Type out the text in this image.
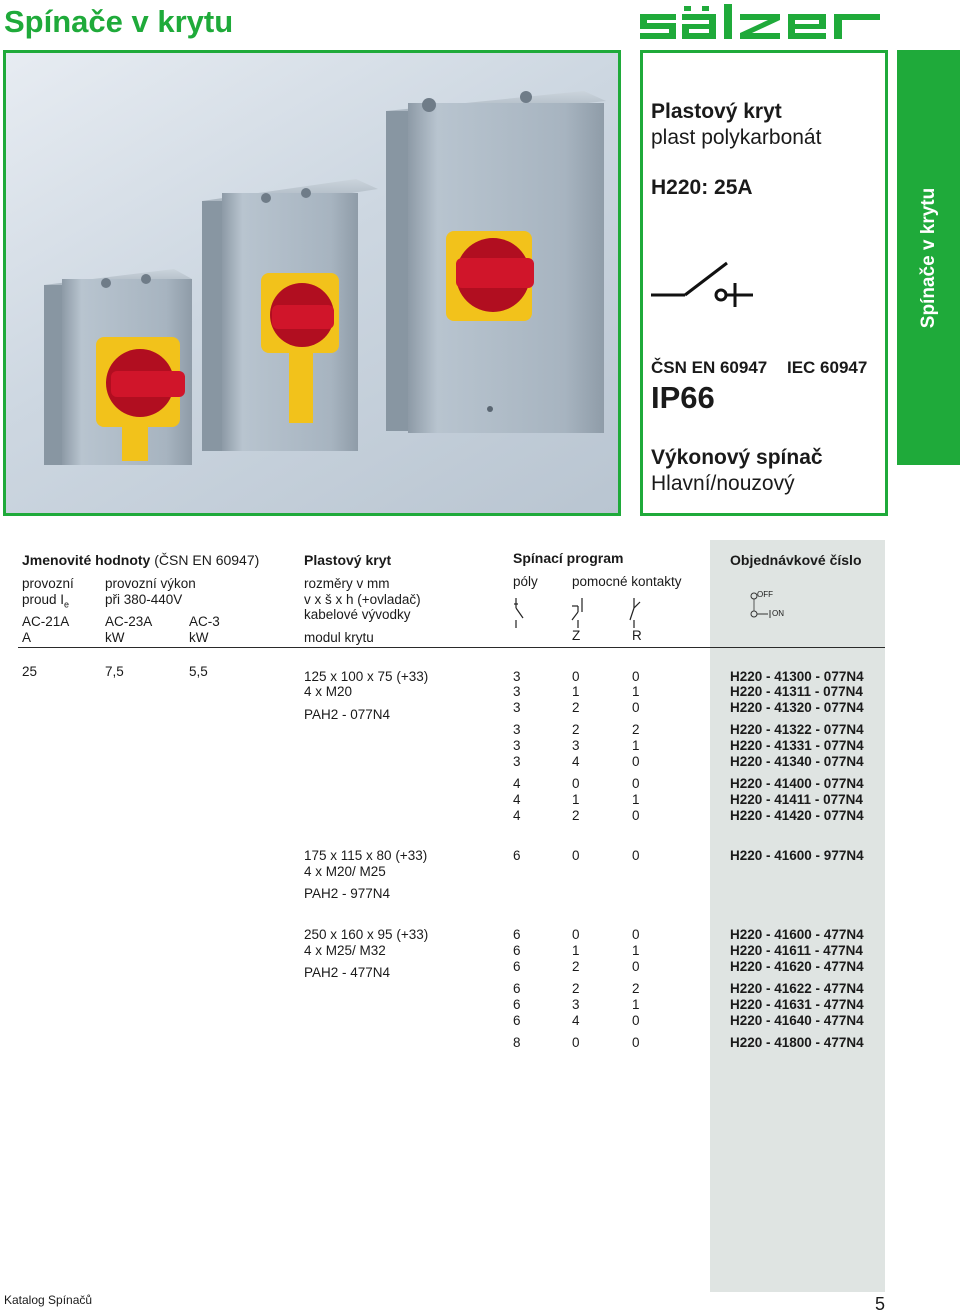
Spínače v krytu
Plastový kryt
plast polykarbonát
H220: 25A
ČSN EN 60947 IEC 60947
IP66
Výkonový spínač
Hlavní/nouzový
Spínače v krytu
Jmenovité hodnoty (ČSN EN 60947)
provozní
proud $I_e$
provozní výkon
při 380-440V
AC-21A	AC-23A	AC-3
A	kW	kW
Plastový kryt
rozměry v mm
v x š x h (+ovladač)
kabelové vývodky
modul krytu
Spínací program
póly	pomocné kontakty
Z	R
Objednávkové číslo
OFF
ON
25	7,5	5,5	125 x 100 x 75 (+33)
4 x M20
PAH2 - 077N4
3	0	0	H220 - 41300 - 077N4
3	1	1	H220 - 41311 - 077N4
3	2	0	H220 - 41320 - 077N4
3	2	2	H220 - 41322 - 077N4
3	3	1	H220 - 41331 - 077N4
3	4	0	H220 - 41340 - 077N4
4	0	0	H220 - 41400 - 077N4
4	1	1	H220 - 41411 - 077N4
4	2	0	H220 - 41420 - 077N4
175 x 115 x 80 (+33)
4 x M20/ M25
PAH2 - 977N4
6	0	0	H220 - 41600 - 977N4
250 x 160 x 95 (+33)
4 x M25/ M32
PAH2 - 477N4
6	0	0	H220 - 41600 - 477N4
6	1	1	H220 - 41611 - 477N4
6	2	0	H220 - 41620 - 477N4
6	2	2	H220 - 41622 - 477N4
6	3	1	H220 - 41631 - 477N4
6	4	0	H220 - 41640 - 477N4
8	0	0	H220 - 41800 - 477N4
Katalog Spínačů	5
